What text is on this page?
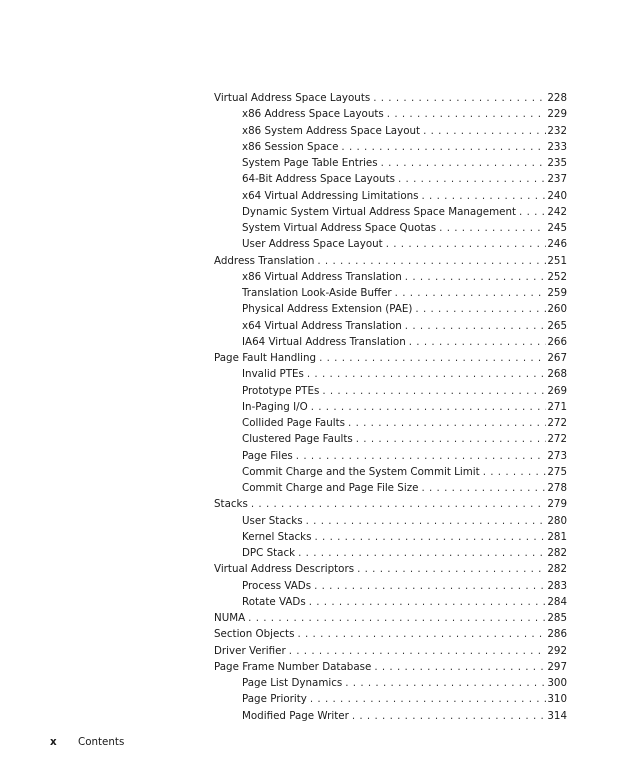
Virtual Address Space Layouts . . .	228
x86 Address Space Layouts . . .	229
x86 System Address Space Layout . . .	232
x86 Session Space . . .	233
System Page Table Entries . . .	235
64-Bit Address Space Layouts . . .	237
x64 Virtual Addressing Limitations . . .	240
Dynamic System Virtual Address Space Management . . .	242
System Virtual Address Space Quotas . . .	245
User Address Space Layout . . .	246
Address Translation . . .	251
x86 Virtual Address Translation . . .	252
Translation Look-Aside Buffer . . .	259
Physical Address Extension (PAE) . . .	260
x64 Virtual Address Translation . . .	265
IA64 Virtual Address Translation . . .	266
Page Fault Handling . . .	267
Invalid PTEs . . .	268
Prototype PTEs . . .	269
In-Paging I/O . . .	271
Collided Page Faults . . .	272
Clustered Page Faults . . .	272
Page Files . . .	273
Commit Charge and the System Commit Limit . . .	275
Commit Charge and Page File Size . . .	278
Stacks . . .	279
User Stacks . . .	280
Kernel Stacks . . .	281
DPC Stack . . .	282
Virtual Address Descriptors . . .	282
Process VADs . . .	283
Rotate VADs . . .	284
NUMA . . .	285
Section Objects . . .	286
Driver Verifier . . .	292
Page Frame Number Database . . .	297
Page List Dynamics . . .	300
Page Priority . . .	310
Modified Page Writer . . .	314
x	Contents
